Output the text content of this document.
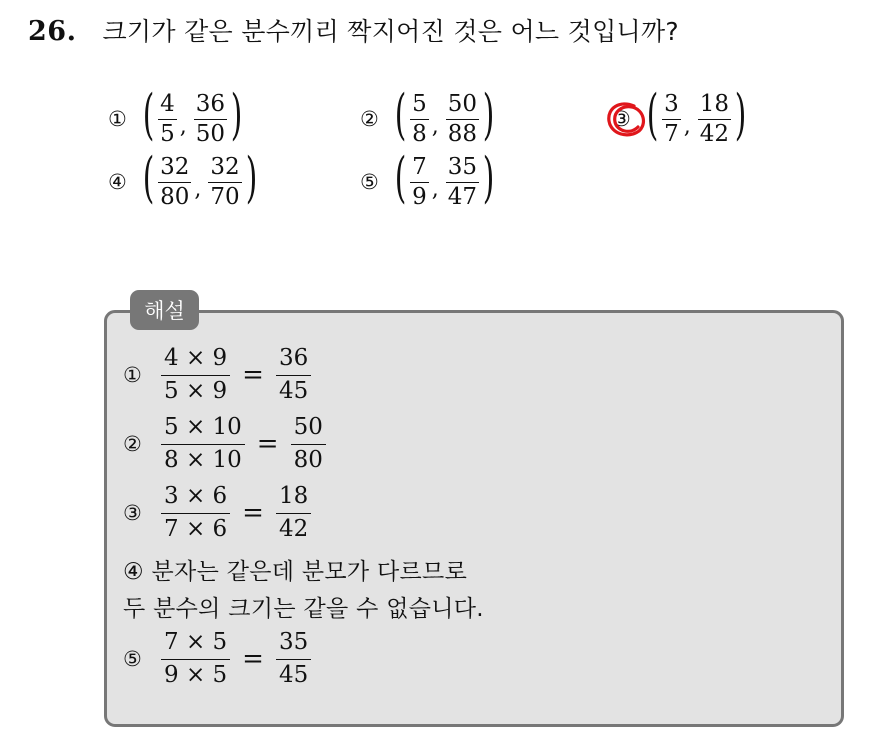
26. 크기가 같은 분수끼리 짝지어진 것은 어느 것입니까?
① ( $\frac{4}{5}$ , $\frac{36}{50}$ )	② ( $\frac{5}{8}$ , $\frac{50}{88}$ )	③ ( $\frac{3}{7}$ , $\frac{18}{42}$ )
④ ( $\frac{32}{80}$ , $\frac{32}{70}$ )	⑤ ( $\frac{7}{9}$ , $\frac{35}{47}$ )
해설
① $\frac{4 \times 9}{5 \times 9} = \frac{36}{45}$
② $\frac{5 \times 10}{8 \times 10} = \frac{50}{80}$
③ $\frac{3 \times 6}{7 \times 6} = \frac{18}{42}$
④ 분자는 같은데 분모가 다르므로
두 분수의 크기는 같을 수 없습니다.
⑤ $\frac{7 \times 5}{9 \times 5} = \frac{35}{45}$
